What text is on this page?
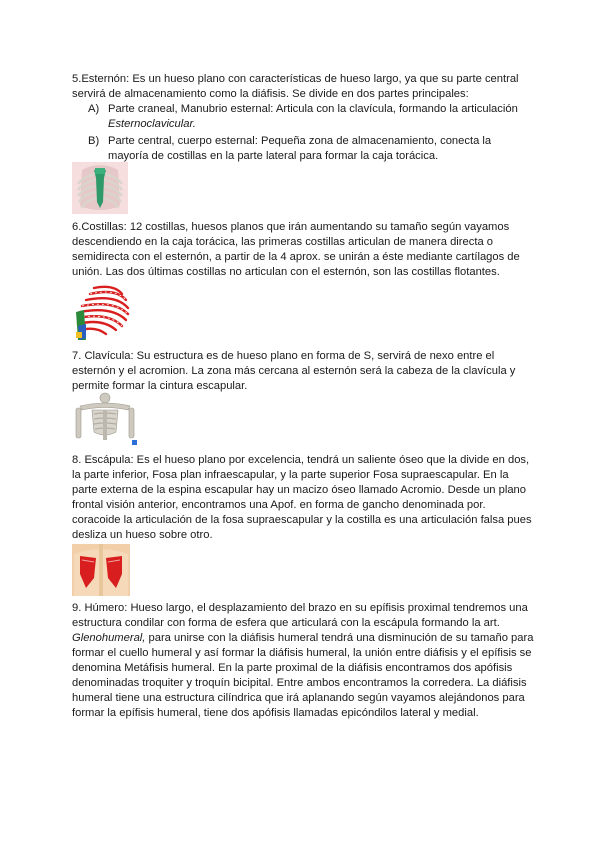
5.Esternón: Es un hueso plano con características de hueso largo, ya que su parte central servirá de almacenamiento como la diáfisis. Se divide en dos partes principales:

A) Parte craneal, Manubrio esternal: Articula con la clavícula, formando la articulación
Esternoclavicular.
B) Parte central, cuerpo esternal: Pequeña zona de almacenamiento, conecta la mayoría de costillas en la parte lateral para formar la caja torácica.

6.Costillas: 12 costillas, huesos planos que irán aumentando su tamaño según vayamos descendiendo en la caja torácica, las primeras costillas articulan de manera directa o semidirecta con el esternón, a partir de la 4 aprox. se unirán a éste mediante cartílagos de unión. Las dos últimas costillas no articulan con el esternón, son las costillas flotantes.

7. Clavícula: Su estructura es de hueso plano en forma de S, servirá de nexo entre el esternón y el acromion. La zona más cercana al esternón será la cabeza de la clavícula y permite formar la cintura escapular.

8. Escápula: Es el hueso plano por excelencia, tendrá un saliente óseo que la divide en dos, la parte inferior, Fosa plan infraescapular, y la parte superior Fosa supraescapular. En la parte externa de la espina escapular hay un macizo óseo llamado Acromio. Desde un plano frontal visión anterior, encontramos una Apof. en forma de gancho denominada por. coracoide la articulación de la fosa supraescapular y la costilla es una articulación falsa pues desliza un hueso sobre otro.

9. Húmero: Hueso largo, el desplazamiento del brazo en su epífisis proximal tendremos una estructura condilar con forma de esfera que articulará con la escápula formando la art. Glenohumeral, para unirse con la diáfisis humeral tendrá una disminución de su tamaño para formar el cuello humeral y así formar la diáfisis humeral, la unión entre diáfisis y el epífisis se denomina Metáfisis humeral. En la parte proximal de la diáfisis encontramos dos apófisis denominadas troquiter y troquín bicipital. Entre ambos encontramos la corredera. La diáfisis humeral tiene una estructura cilíndrica que irá aplanando según vayamos alejándonos para formar la epífisis humeral, tiene dos apófisis llamadas epicóndilos lateral y medial.
